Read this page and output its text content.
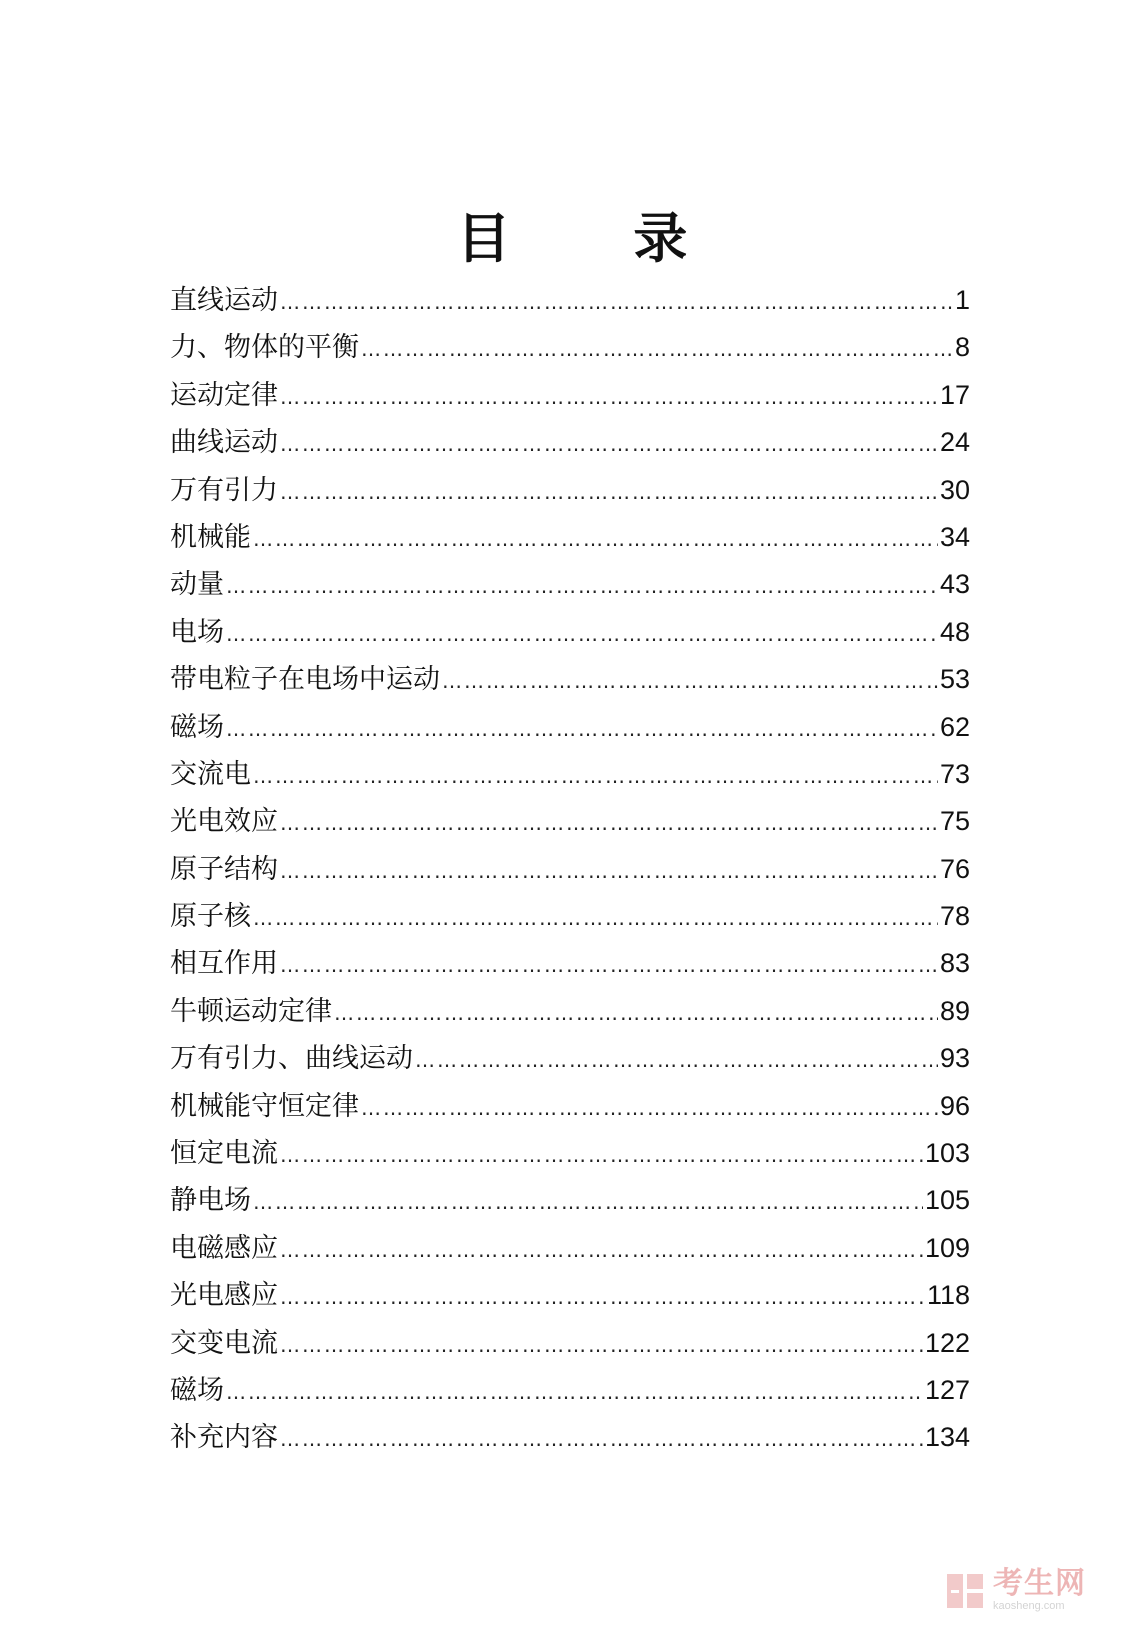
目 录
直线运动 …………………………………………………………………………………………………………………………………………………………………………………………………	1
力、物体的平衡 …………………………………………………………………………………………………………………………………………………………………………………………………	8
运动定律 …………………………………………………………………………………………………………………………………………………………………………………………………	17
曲线运动 …………………………………………………………………………………………………………………………………………………………………………………………………	24
万有引力 …………………………………………………………………………………………………………………………………………………………………………………………………	30
机械能 …………………………………………………………………………………………………………………………………………………………………………………………………	34
动量 …………………………………………………………………………………………………………………………………………………………………………………………………	43
电场 …………………………………………………………………………………………………………………………………………………………………………………………………	48
带电粒子在电场中运动 …………………………………………………………………………………………………………………………………………………………………………………………………	53
磁场 …………………………………………………………………………………………………………………………………………………………………………………………………	62
交流电 …………………………………………………………………………………………………………………………………………………………………………………………………	73
光电效应 …………………………………………………………………………………………………………………………………………………………………………………………………	75
原子结构 …………………………………………………………………………………………………………………………………………………………………………………………………	76
原子核 …………………………………………………………………………………………………………………………………………………………………………………………………	78
相互作用 …………………………………………………………………………………………………………………………………………………………………………………………………	83
牛顿运动定律 …………………………………………………………………………………………………………………………………………………………………………………………………	89
万有引力、曲线运动 …………………………………………………………………………………………………………………………………………………………………………………………………	93
机械能守恒定律 …………………………………………………………………………………………………………………………………………………………………………………………………	96
恒定电流 …………………………………………………………………………………………………………………………………………………………………………………………………	103
静电场 …………………………………………………………………………………………………………………………………………………………………………………………………	105
电磁感应 …………………………………………………………………………………………………………………………………………………………………………………………………	109
光电感应 …………………………………………………………………………………………………………………………………………………………………………………………………	118
交变电流 …………………………………………………………………………………………………………………………………………………………………………………………………	122
磁场 …………………………………………………………………………………………………………………………………………………………………………………………………	127
补充内容 …………………………………………………………………………………………………………………………………………………………………………………………………	134
考生网
kaosheng.com
